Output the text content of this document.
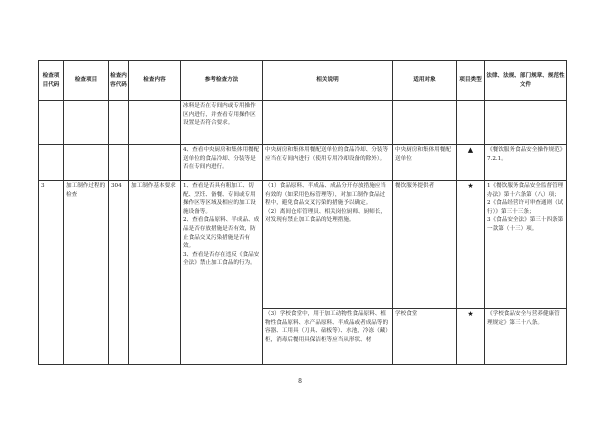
检查项目代码	检查项目	检查内容代码	检查内容	参考检查方法	相关说明	适用对象	项目类型	法律、法规、部门规章、规范性文件
				冰料是否在专间内或专用操作区内进行，并查看专用操作区设置是否符合要求。				
				4、查看中央厨房和集体用餐配送单位的食品冷却、分装等是否在专间内进行。	中央厨房和集体用餐配送单位的食品冷却、分装等应当在专间内进行（使用专用冷却设备的除外）。	中央厨房和集体用餐配送单位	▲	《餐饮服务食品安全操作规范》7.2.1。
3	加工制作过程的检查	304	加工制作基本要求	1、查看是否具有粗加工、切配、烹饪、备餐、专间或专用操作区等区域及相应的加工设施设备等。
2、查看食品原料、半成品、成品是否存放措施是否有效，防止食品交叉污染措施是否有效。
3、查看是否存在违反《食品安全法》禁止加工食品的行为。	（1）食品原料、半成品、成品分开存放措施应当有效的（如采用色标管理等），对加工制作食品过程中，避免食品交叉污染的措施予以确定。
（2）离间仓库管理员、相关岗位厨师、厨师长，对发现有禁止加工食品的处理措施。	餐饮服务提供者	★	1《餐饮服务食品安全监督管理办法》第十六条第（八）项；
2《食品经营许可审查通则（试行）》第三十三条；
3《食品安全法》第三十四条第一款第（十三）项。
					（3）学校食堂中，用于加工动物性食品原料、植物性食品原料、水产品原料、半成品或者成品等的容器、工用具（刀具、砧板等）、水池，冷冻（藏）柜，消毒后餐用具保洁柜等应当从形状、材	学校食堂	★	《学校食品安全与营养健康管理规定》第三十八条。
8
